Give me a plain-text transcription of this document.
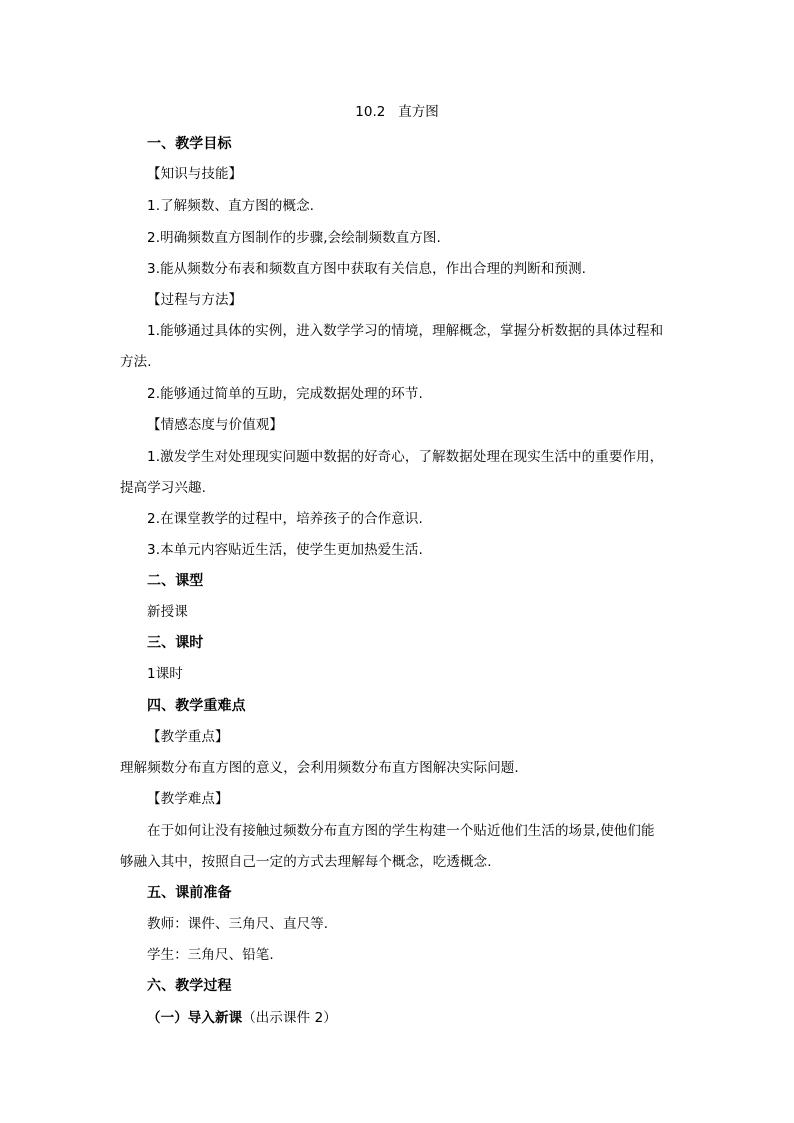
10.2   直方图
一、教学目标
【知识与技能】
1.了解频数、直方图的概念.
2.明确频数直方图制作的步骤,会绘制频数直方图.
3.能从频数分布表和频数直方图中获取有关信息，作出合理的判断和预测.
【过程与方法】
1.能够通过具体的实例，进入数学学习的情境，理解概念，掌握分析数据的具体过程和
方法.
2.能够通过简单的互助，完成数据处理的环节.
【情感态度与价值观】
1.激发学生对处理现实问题中数据的好奇心，了解数据处理在现实生活中的重要作用，
提高学习兴趣.
2.在课堂教学的过程中，培养孩子的合作意识.
3.本单元内容贴近生活，使学生更加热爱生活.
二、课型
新授课
三、课时
1课时
四、教学重难点
【教学重点】
理解频数分布直方图的意义，会利用频数分布直方图解决实际问题.
【教学难点】
在于如何让没有接触过频数分布直方图的学生构建一个贴近他们生活的场景,使他们能
够融入其中，按照自己一定的方式去理解每个概念，吃透概念.
五、课前准备
教师：课件、三角尺、直尺等.
学生：三角尺、铅笔.
六、教学过程
（一）导入新课（出示课件 2）
